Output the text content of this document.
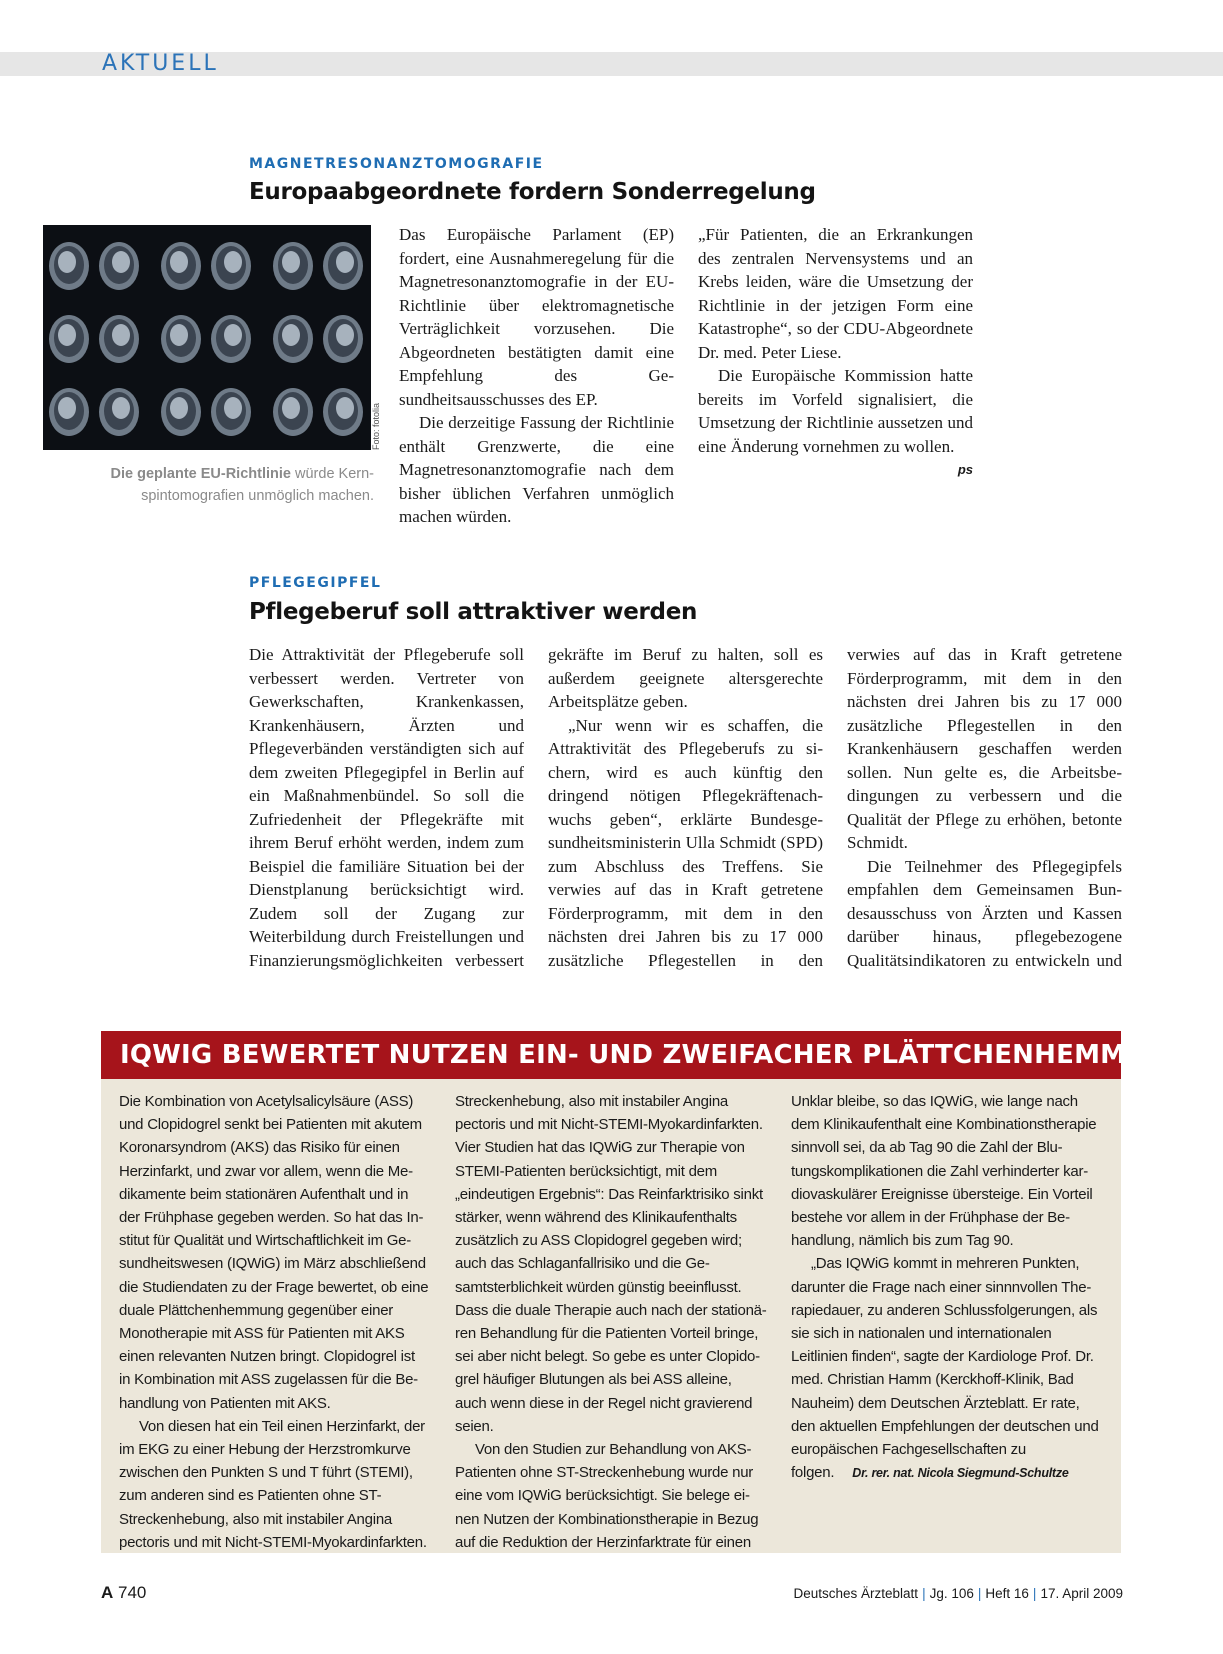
AKTUELL
MAGNETRESONANZTOMOGRAFIE
Europaabgeordnete fordern Sonderregelung
Foto: fotolia
Die geplante EU-Richtlinie würde Kern-spintomografien unmöglich machen.

Das Europäische Parlament (EP) fordert, eine Ausnahmeregelung für die Magnetresonanztomografie in der EU-Richtlinie über elektromagnetische Verträglichkeit vorzusehen. Die Abgeordneten bestätigten damit eine Empfehlung des Gesundheitsausschusses des EP.

Die derzeitige Fassung der Richtlinie enthält Grenzwerte, die eine Magnetresonanztomografie nach dem bisher üblichen Verfahren unmöglich machen würden.

„Für Patienten, die an Erkrankungen des zentralen Nervensystems und an Krebs leiden, wäre die Umsetzung der Richtlinie in der jetzigen Form eine Katastrophe“, so der CDU-Abgeordnete Dr. med. Peter Liese.

Die Europäische Kommission hatte bereits im Vorfeld signalisiert, die Umsetzung der Richtlinie aussetzen und eine Änderung vornehmen zu wollen.
ps

PFLEGEGIPFEL
Pflegeberuf soll attraktiver werden

Die Attraktivität der Pflegeberufe soll verbessert werden. Vertreter von Gewerkschaften, Krankenkassen, Krankenhäusern, Ärzten und Pflegeverbänden verständigten sich auf dem zweiten Pflegegipfel in Berlin auf ein Maßnahmenbündel. So soll die Zufriedenheit der Pflegekräfte mit ihrem Beruf erhöht werden, indem zum Beispiel die familiäre Situation bei der Dienstplanung berücksichtigt wird. Zudem soll der Zugang zur Weiterbildung durch Freistellungen und Finanzierungsmöglichkeiten verbessert

ekräfte im Beruf zu halten, soll es außerdem geeignete altersgerechte Arbeitsplätze geben.

„Nur wenn wir es schaffen, die Attraktivität des Pflegeberufs zu sichern, wird es auch künftig den dringend nötigen Pflegekräftenachwuchs geben“, erklärte Bundesgesundheitsministerin Ulla Schmidt (SPD) zum Abschluss des Treffens. Sie verwies auf das in Kraft getretene Förderprogramm, mit dem in den nächsten drei Jahren bis zu 17 000 zusätzliche Pflegestellen in den

verwies auf das in Kraft getretene Förderprogramm, mit dem in den nächsten drei Jahren bis zu 17 000 zusätzliche Pflegestellen in den Krankenhäusern geschaffen werden sollen. Nun gelte es, die Arbeitsbedingungen zu verbessern und die Qualität der Pflege zu erhöhen, betonte Schmidt.

Die Teilnehmer des Pflegegipfels empfahlen dem Gemeinsamen Bundesausschuss von Ärzten und Kassen darüber hinaus, pflegebezogene Qualitätsindikatoren zu entwickeln und

IQWIG BEWERTET NUTZEN EIN- UND ZWEIFACHER PLÄTTCHENHEMMUNG

Die Kombination von Acetylsalicylsäure (ASS) und Clopidogrel senkt bei Patienten mit akutem Koronarsyndrom (AKS) das Risiko für einen Herzinfarkt, und zwar vor allem, wenn die Medikamente beim stationären Aufenthalt und in der Frühphase gegeben werden. So hat das Institut für Qualität und Wirtschaftlichkeit im Gesundheitswesen (IQWiG) im März abschließend die Studiendaten zu der Frage bewertet, ob eine duale Plättchenhemmung gegenüber einer Monotherapie mit ASS für Patienten mit AKS einen relevanten Nutzen bringt. Clopidogrel ist in Kombination mit ASS zugelassen für die Behandlung von Patienten mit AKS.

Von diesen hat ein Teil einen Herzinfarkt, der im EKG zu einer Hebung der Herzstromkurve zwischen den Punkten S und T führt (STEMI), zum anderen sind es Patienten ohne ST-Streckenhebung, also mit instabiler Angina pectoris und mit Nicht-STEMI-Myokardinfarkten.

Streckenhebung, also mit instabiler Angina pectoris und mit Nicht-STEMI-Myokardinfarkten. Vier Studien hat das IQWiG zur Therapie von STEMI-Patienten berücksichtigt, mit dem „eindeutigen Ergebnis“: Das Reinfarktrisiko sinkt stärker, wenn während des Klinikaufenthalts zusätzlich zu ASS Clopidogrel gegeben wird; auch das Schlaganfallrisiko und die Gesamtsterblichkeit würden günstig beeinflusst. Dass die duale Therapie auch nach der stationären Behandlung für die Patienten Vorteil bringe, sei aber nicht belegt. So gebe es unter Clopidogrel häufiger Blutungen als bei ASS alleine, auch wenn diese in der Regel nicht gravierend seien.

Von den Studien zur Behandlung von AKS-Patienten ohne ST-Streckenhebung wurde nur eine vom IQWiG berücksichtigt. Sie belege einen Nutzen der Kombinationstherapie in Bezug auf die Reduktion der Herzinfarktrate für einen

Unklar bleibe, so das IQWiG, wie lange nach dem Klinikaufenthalt eine Kombinationstherapie sinnvoll sei, da ab Tag 90 die Zahl der Blutungskomplikationen die Zahl verhinderter kardiovaskulärer Ereignisse übersteige. Ein Vorteil bestehe vor allem in der Frühphase der Behandlung, nämlich bis zum Tag 90.

„Das IQWiG kommt in mehreren Punkten, darunter die Frage nach einer sinnnvollen Therapiedauer, zu anderen Schlussfolgerungen, als sie sich in nationalen und internationalen Leitlinien finden“, sagte der Kardiologe Prof. Dr. med. Christian Hamm (Kerckhoff-Klinik, Bad Nauheim) dem Deutschen Ärzteblatt. Er rate, den aktuellen Empfehlungen der deutschen und europäischen Fachgesellschaften zu folgen. Dr. rer. nat. Nicola Siegmund-Schultze

A 740	Deutsches Ärzteblatt | Jg. 106 | Heft 16 | 17. April 2009
